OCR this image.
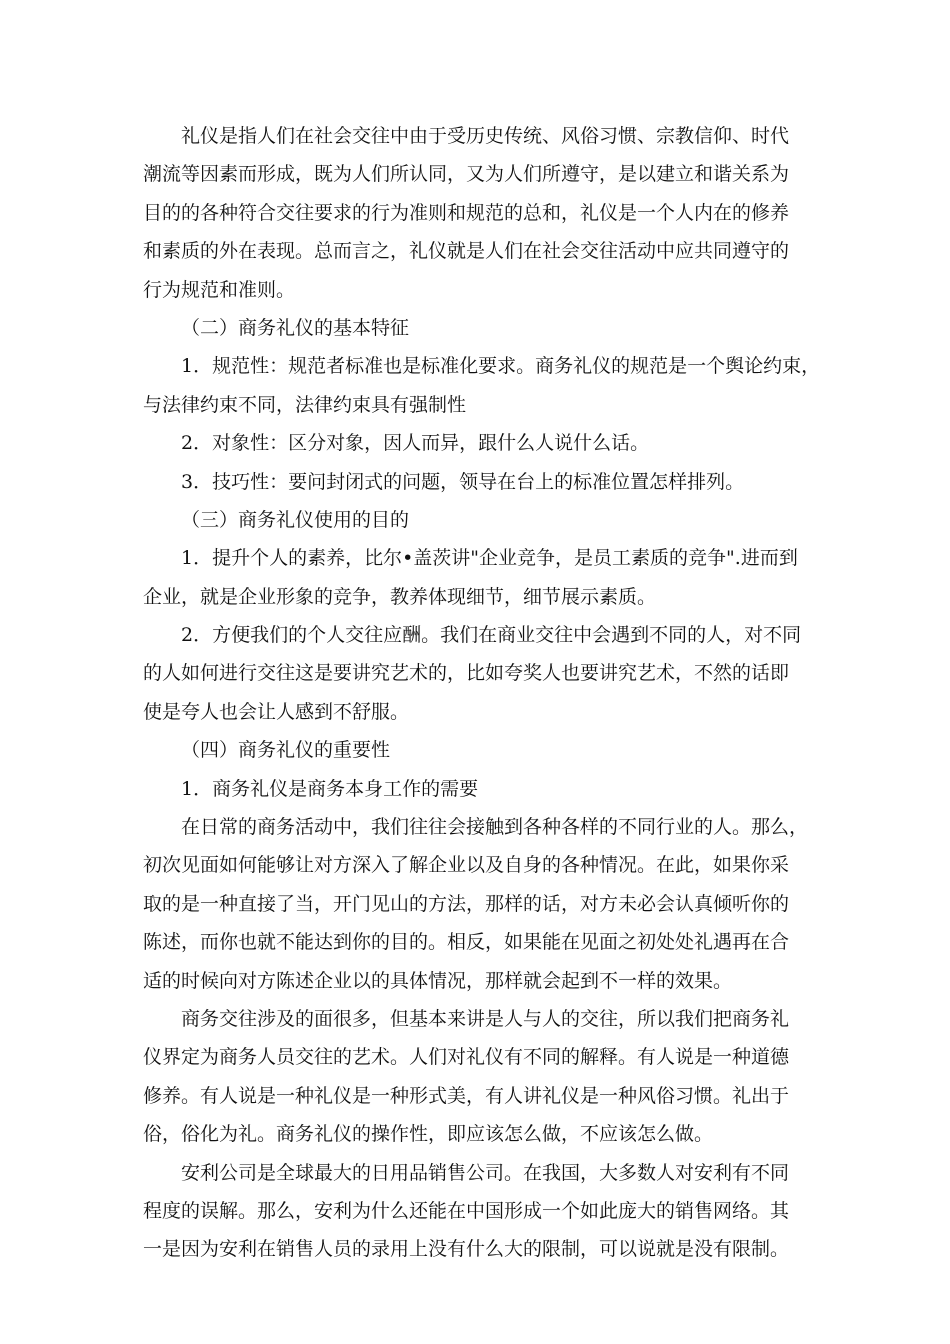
礼仪是指人们在社会交往中由于受历史传统、风俗习惯、宗教信仰、时代
潮流等因素而形成，既为人们所认同，又为人们所遵守，是以建立和谐关系为
目的的各种符合交往要求的行为准则和规范的总和，礼仪是一个人内在的修养
和素质的外在表现。总而言之，礼仪就是人们在社会交往活动中应共同遵守的
行为规范和准则。
（二）商务礼仪的基本特征
1．规范性：规范者标准也是标准化要求。商务礼仪的规范是一个舆论约束，
与法律约束不同，法律约束具有强制性
2．对象性：区分对象，因人而异，跟什么人说什么话。
3．技巧性：要问封闭式的问题，领导在台上的标准位置怎样排列。
（三）商务礼仪使用的目的
1．提升个人的素养，比尔•盖茨讲"企业竞争，是员工素质的竞争".进而到
企业，就是企业形象的竞争，教养体现细节，细节展示素质。
2．方便我们的个人交往应酬。我们在商业交往中会遇到不同的人，对不同
的人如何进行交往这是要讲究艺术的，比如夸奖人也要讲究艺术，不然的话即
使是夸人也会让人感到不舒服。
（四）商务礼仪的重要性
1．商务礼仪是商务本身工作的需要
在日常的商务活动中，我们往往会接触到各种各样的不同行业的人。那么，
初次见面如何能够让对方深入了解企业以及自身的各种情况。在此，如果你采
取的是一种直接了当，开门见山的方法，那样的话，对方未必会认真倾听你的
陈述，而你也就不能达到你的目的。相反，如果能在见面之初处处礼遇再在合
适的时候向对方陈述企业以的具体情况，那样就会起到不一样的效果。
商务交往涉及的面很多，但基本来讲是人与人的交往，所以我们把商务礼
仪界定为商务人员交往的艺术。人们对礼仪有不同的解释。有人说是一种道德
修养。有人说是一种礼仪是一种形式美，有人讲礼仪是一种风俗习惯。礼出于
俗，俗化为礼。商务礼仪的操作性，即应该怎么做，不应该怎么做。
安利公司是全球最大的日用品销售公司。在我国，大多数人对安利有不同
程度的误解。那么，安利为什么还能在中国形成一个如此庞大的销售网络。其
一是因为安利在销售人员的录用上没有什么大的限制，可以说就是没有限制。
